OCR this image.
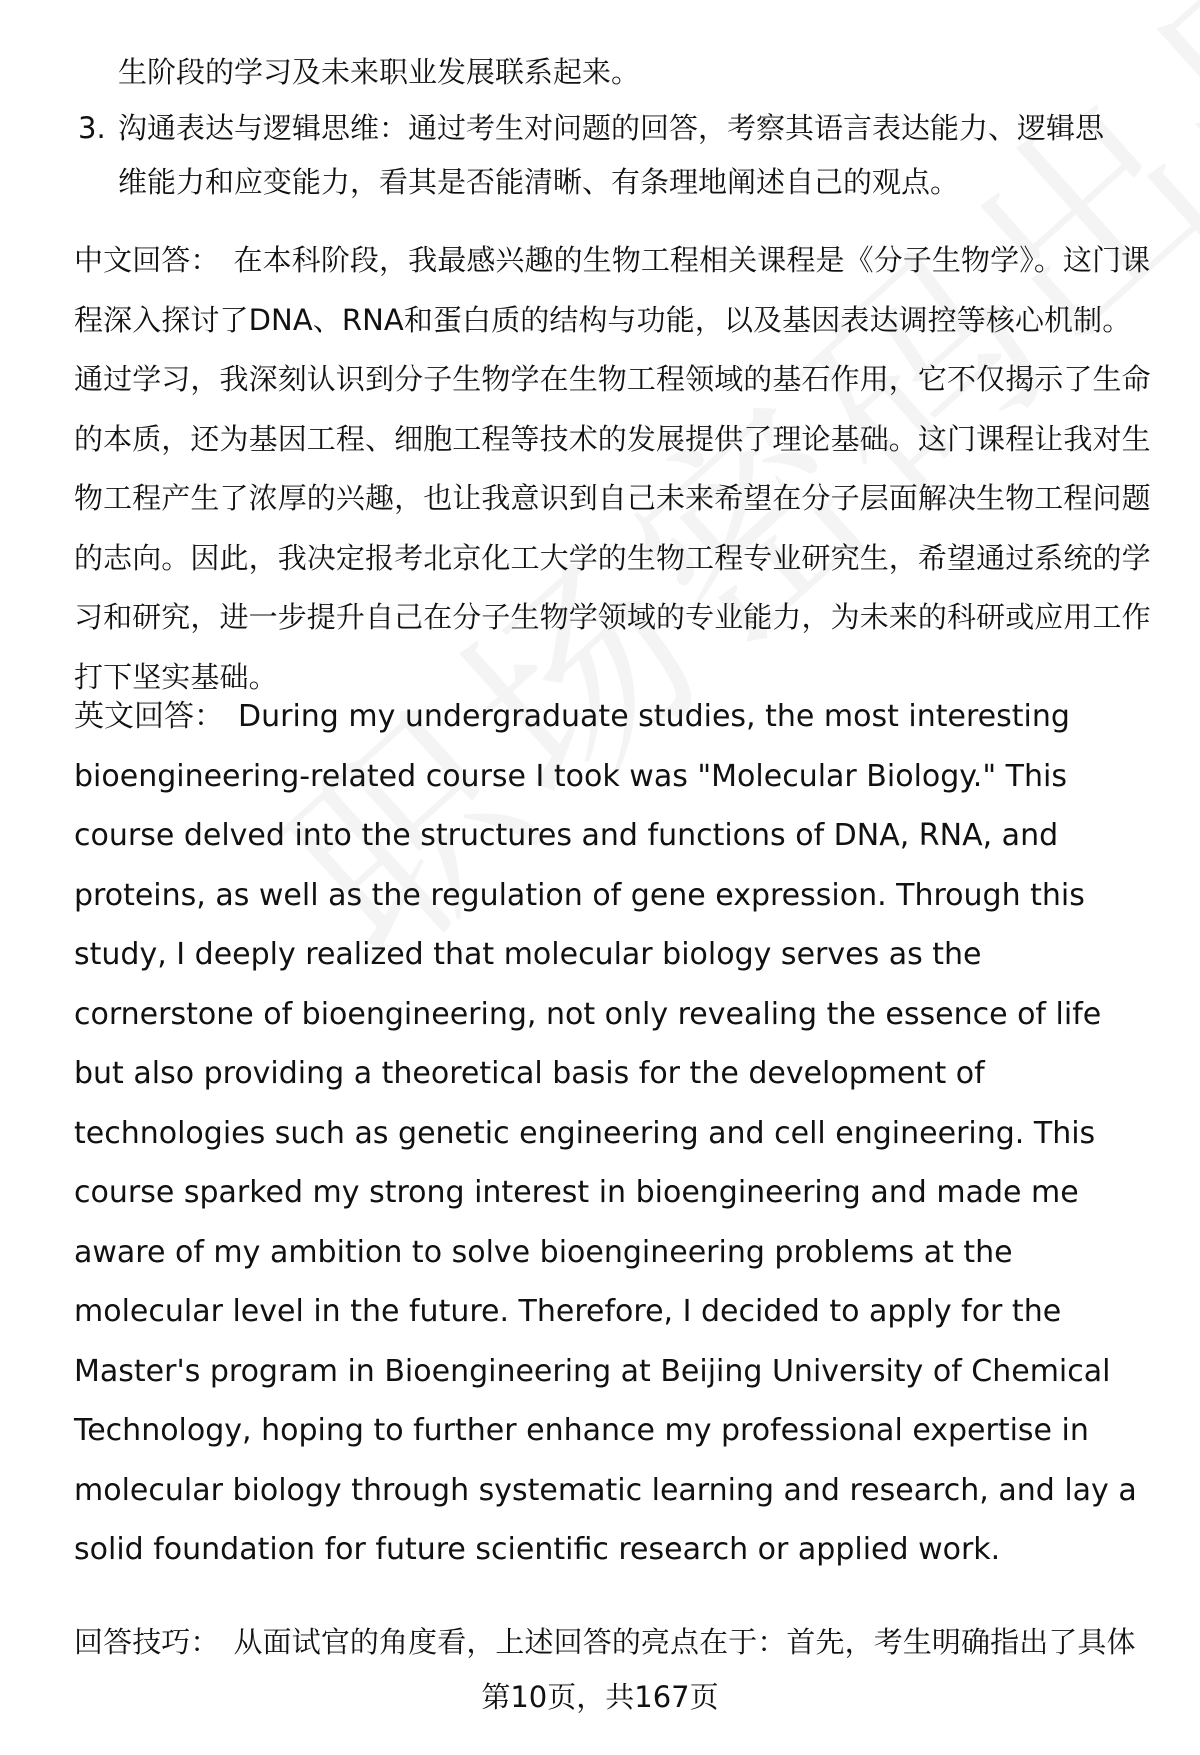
生阶段的学习及未来职业发展联系起来。
3. 沟通表达与逻辑思维：通过考生对问题的回答，考察其语言表达能力、逻辑思
维能力和应变能力，看其是否能清晰、有条理地阐述自己的观点。
中文回答： 在本科阶段，我最感兴趣的生物工程相关课程是《分子生物学》。这门课程深入探讨了DNA、RNA和蛋白质的结构与功能，以及基因表达调控等核心机制。通过学习，我深刻认识到分子生物学在生物工程领域的基石作用，它不仅揭示了生命的本质，还为基因工程、细胞工程等技术的发展提供了理论基础。这门课程让我对生物工程产生了浓厚的兴趣，也让我意识到自己未来希望在分子层面解决生物工程问题的志向。因此，我决定报考北京化工大学的生物工程专业研究生，希望通过系统的学习和研究，进一步提升自己在分子生物学领域的专业能力，为未来的科研或应用工作打下坚实基础。
英文回答： During my undergraduate studies, the most interesting bioengineering-related course I took was "Molecular Biology." This course delved into the structures and functions of DNA, RNA, and proteins, as well as the regulation of gene expression. Through this study, I deeply realized that molecular biology serves as the cornerstone of bioengineering, not only revealing the essence of life but also providing a theoretical basis for the development of technologies such as genetic engineering and cell engineering. This course sparked my strong interest in bioengineering and made me aware of my ambition to solve bioengineering problems at the molecular level in the future. Therefore, I decided to apply for the Master's program in Bioengineering at Beijing University of Chemical Technology, hoping to further enhance my professional expertise in molecular biology through systematic learning and research, and lay a solid foundation for future scientific research or applied work.
回答技巧： 从面试官的角度看，上述回答的亮点在于：首先，考生明确指出了具体
第10页，共167页
